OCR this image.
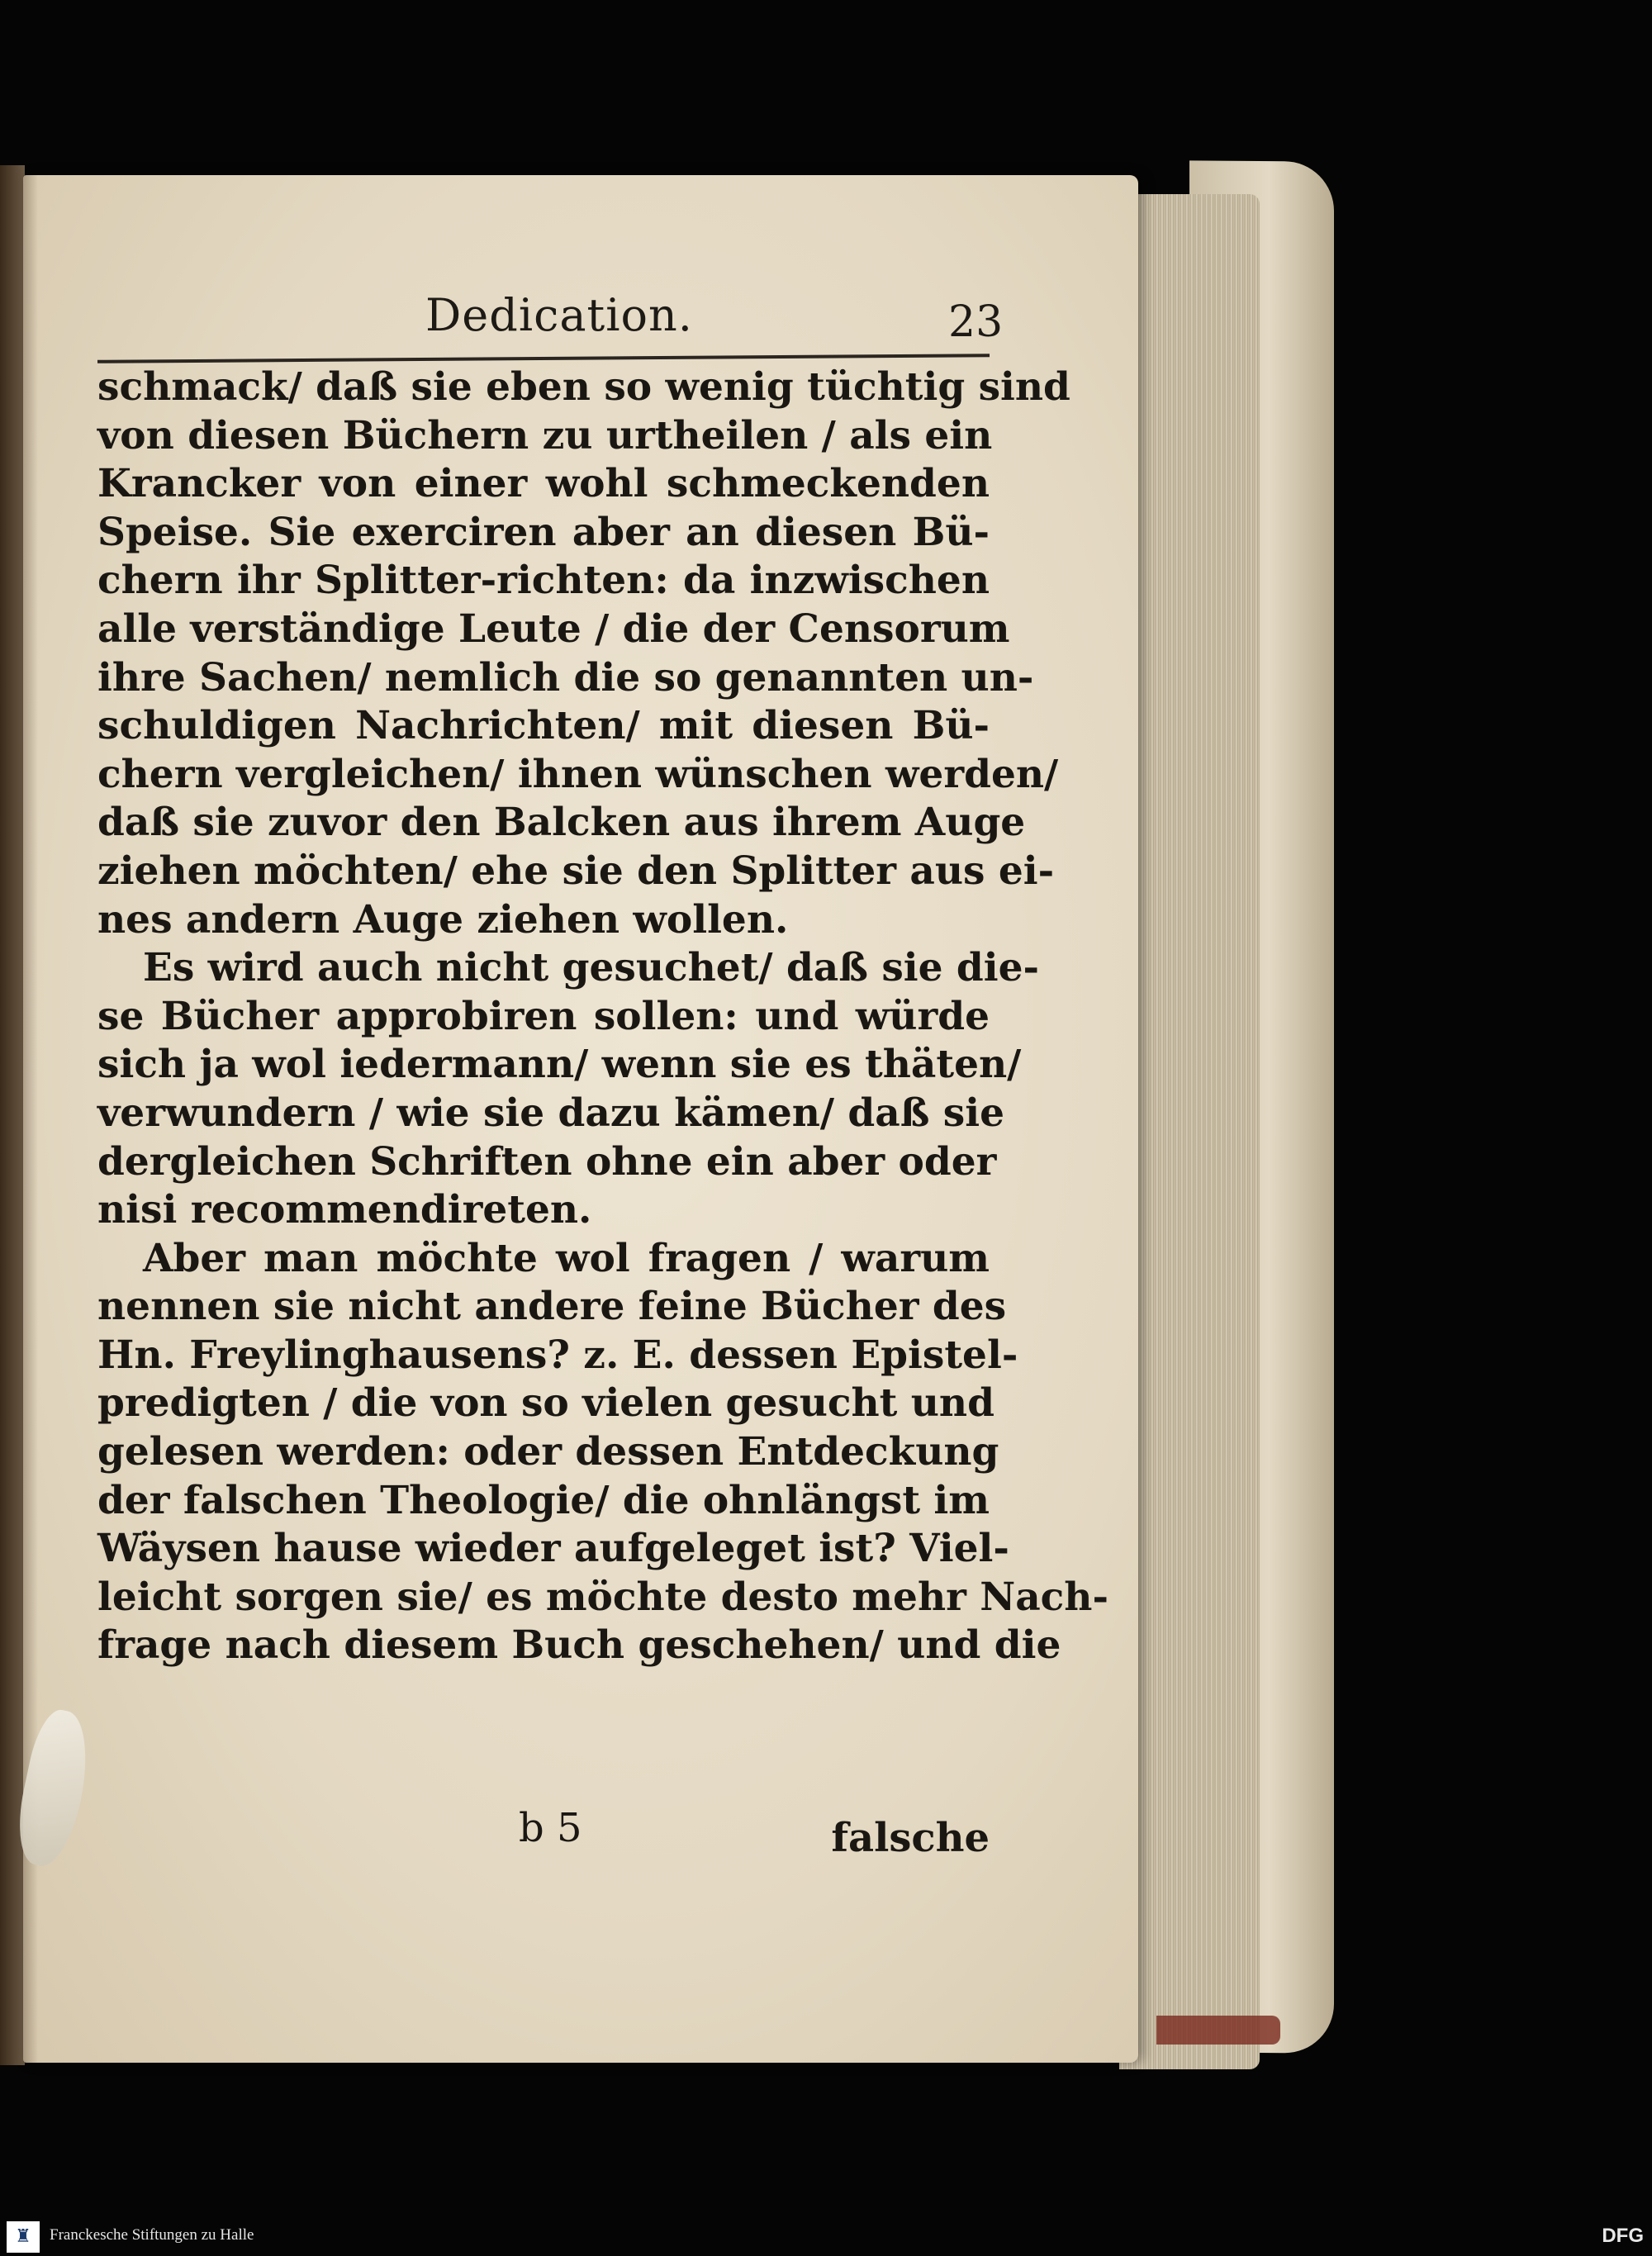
Dedication.	23
schmack/ daß sie eben so wenig tüchtig sind
von diesen Büchern zu urtheilen / als ein
Krancker von einer wohl schmeckenden
Speise. Sie exerciren aber an diesen Bü-
chern ihr Splitter-richten: da inzwischen
alle verständige Leute / die der Censorum
ihre Sachen/ nemlich die so genannten un-
schuldigen Nachrichten/ mit diesen Bü-
chern vergleichen/ ihnen wünschen werden/
daß sie zuvor den Balcken aus ihrem Auge
ziehen möchten/ ehe sie den Splitter aus ei-
nes andern Auge ziehen wollen.
Es wird auch nicht gesuchet/ daß sie die-
se Bücher approbiren sollen: und würde
sich ja wol iedermann/ wenn sie es thäten/
verwundern / wie sie dazu kämen/ daß sie
dergleichen Schriften ohne ein aber oder
nisi recommendireten.
Aber man möchte wol fragen / warum
nennen sie nicht andere feine Bücher des
Hn. Freylinghausens? z. E. dessen Epistel-
predigten / die von so vielen gesucht und
gelesen werden: oder dessen Entdeckung
der falschen Theologie/ die ohnlängst im
Wäysen hause wieder aufgeleget ist? Viel-
leicht sorgen sie/ es möchte desto mehr Nach-
frage nach diesem Buch geschehen/ und die
b 5	falsche
♜	Franckesche Stiftungen zu Halle	DFG
